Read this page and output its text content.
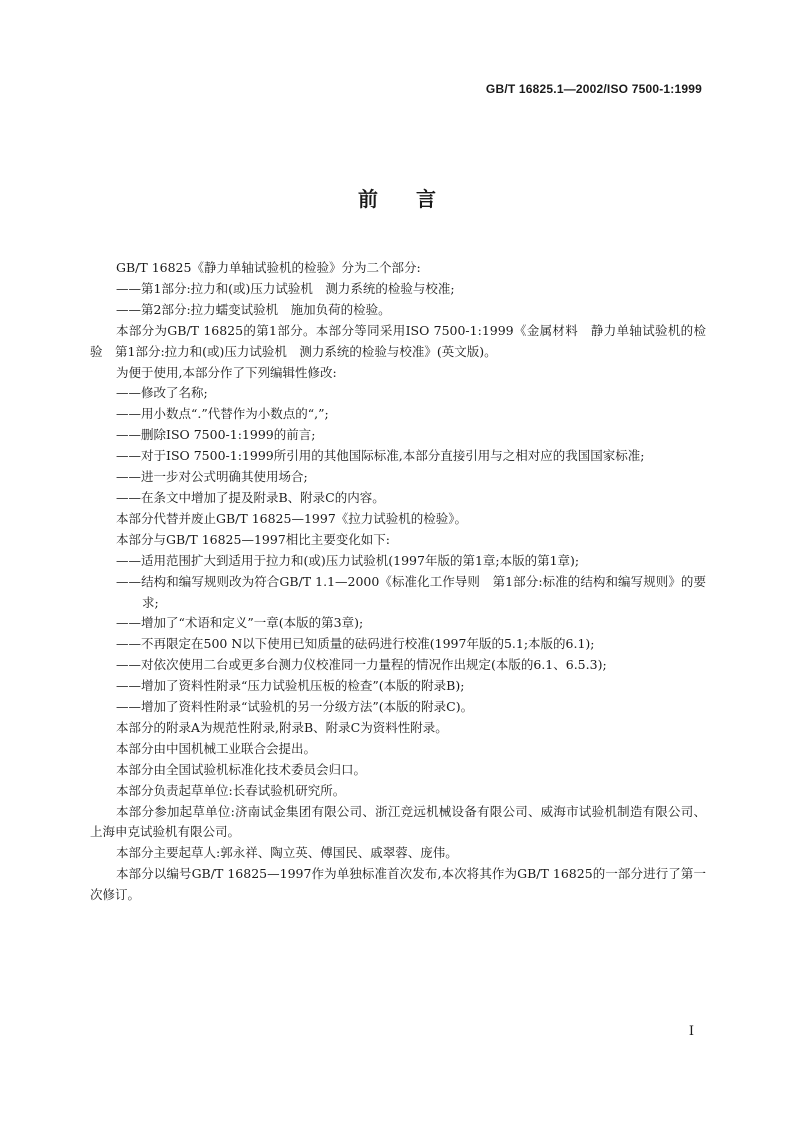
GB/T 16825.1—2002/ISO 7500-1:1999
前言

GB/T 16825《静力单轴试验机的检验》分为二个部分:

——第1部分:拉力和(或)压力试验机　测力系统的检验与校准;

——第2部分:拉力蠕变试验机　施加负荷的检验。

本部分为GB/T 16825的第1部分。本部分等同采用ISO 7500-1:1999《金属材料　静力单轴试验机的检验　第1部分:拉力和(或)压力试验机　测力系统的检验与校准》(英文版)。

为便于使用,本部分作了下列编辑性修改:

——修改了名称;

——用小数点“.”代替作为小数点的“,”;

——删除ISO 7500-1:1999的前言;

——对于ISO 7500-1:1999所引用的其他国际标准,本部分直接引用与之相对应的我国国家标准;

——进一步对公式明确其使用场合;

——在条文中增加了提及附录B、附录C的内容。

本部分代替并废止GB/T 16825—1997《拉力试验机的检验》。

本部分与GB/T 16825—1997相比主要变化如下:

——适用范围扩大到适用于拉力和(或)压力试验机(1997年版的第1章;本版的第1章);

——结构和编写规则改为符合GB/T 1.1—2000《标准化工作导则　第1部分:标准的结构和编写规则》的要求;

——增加了“术语和定义”一章(本版的第3章);

——不再限定在500 N以下使用已知质量的砝码进行校准(1997年版的5.1;本版的6.1);

——对依次使用二台或更多台测力仪校准同一力量程的情况作出规定(本版的6.1、6.5.3);

——增加了资料性附录“压力试验机压板的检查”(本版的附录B);

——增加了资料性附录“试验机的另一分级方法”(本版的附录C)。

本部分的附录A为规范性附录,附录B、附录C为资料性附录。

本部分由中国机械工业联合会提出。

本部分由全国试验机标准化技术委员会归口。

本部分负责起草单位:长春试验机研究所。

本部分参加起草单位:济南试金集团有限公司、浙江竞远机械设备有限公司、威海市试验机制造有限公司、上海申克试验机有限公司。

本部分主要起草人:郭永祥、陶立英、傅国民、戚翠蓉、庞伟。

本部分以编号GB/T 16825—1997作为单独标准首次发布,本次将其作为GB/T 16825的一部分进行了第一次修订。

I
